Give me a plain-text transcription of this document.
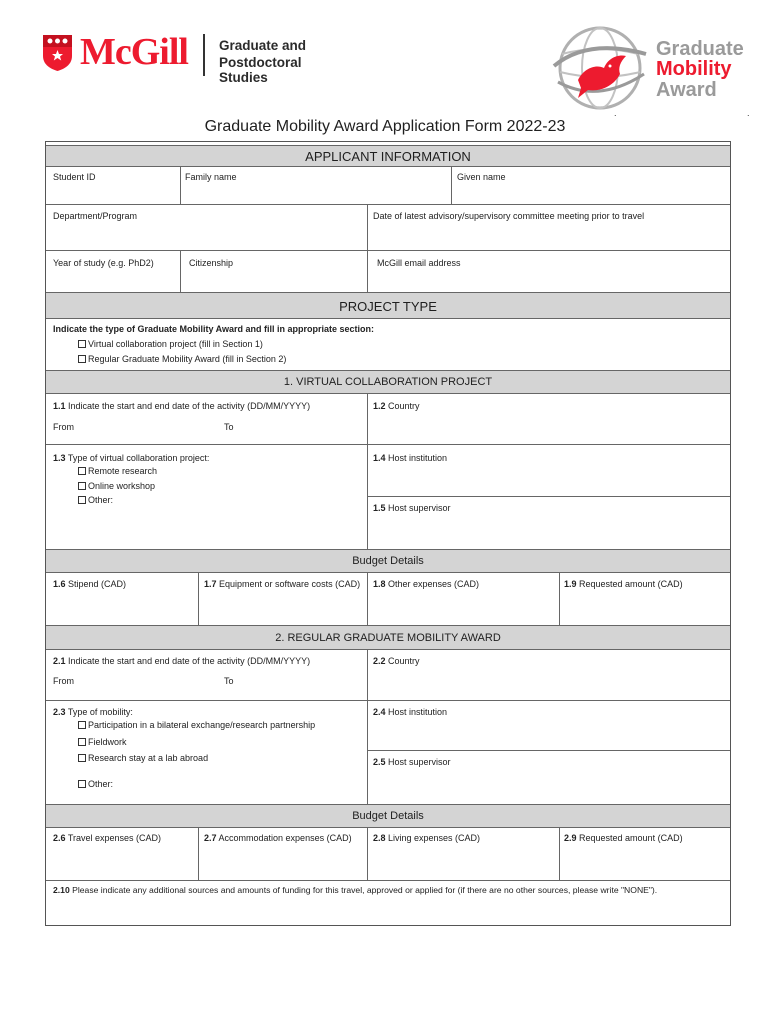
McGill Graduate and
Postdoctoral Studies
Graduate
Mobility
Award
.	.
Graduate Mobility Award Application Form 2022-23
APPLICANT INFORMATION
Student ID	Family name	Given name
Department/Program	Date of latest advisory/supervisory committee meeting prior to travel
Year of study (e.g. PhD2)	Citizenship	McGill email address
PROJECT TYPE
Indicate the type of Graduate Mobility Award and fill in appropriate section:
Virtual collaboration project (fill in Section 1)
Regular Graduate Mobility Award (fill in Section 2)
1. VIRTUAL COLLABORATION PROJECT
1.1 Indicate the start and end date of the activity (DD/MM/YYYY)
From	To
1.2 Country
1.3 Type of virtual collaboration project:
Remote research
Online workshop
Other:
1.4 Host institution
1.5 Host supervisor
Budget Details
1.6 Stipend (CAD)	1.7 Equipment or software costs (CAD) 1.8 Other expenses (CAD)	1.9 Requested amount (CAD)
2. REGULAR GRADUATE MOBILITY AWARD
2.1 Indicate the start and end date of the activity (DD/MM/YYYY)
From	To
2.2 Country
2.3 Type of mobility:
Participation in a bilateral exchange/research partnership
Fieldwork
Research stay at a lab abroad
Other:
2.4 Host institution
2.5 Host supervisor
Budget Details
2.6 Travel expenses (CAD)	2.7 Accommodation expenses (CAD) 2.8 Living expenses (CAD)	2.9 Requested amount (CAD)
2.10 Please indicate any additional sources and amounts of funding for this travel, approved or applied for (if there are no other sources, please write "NONE").
